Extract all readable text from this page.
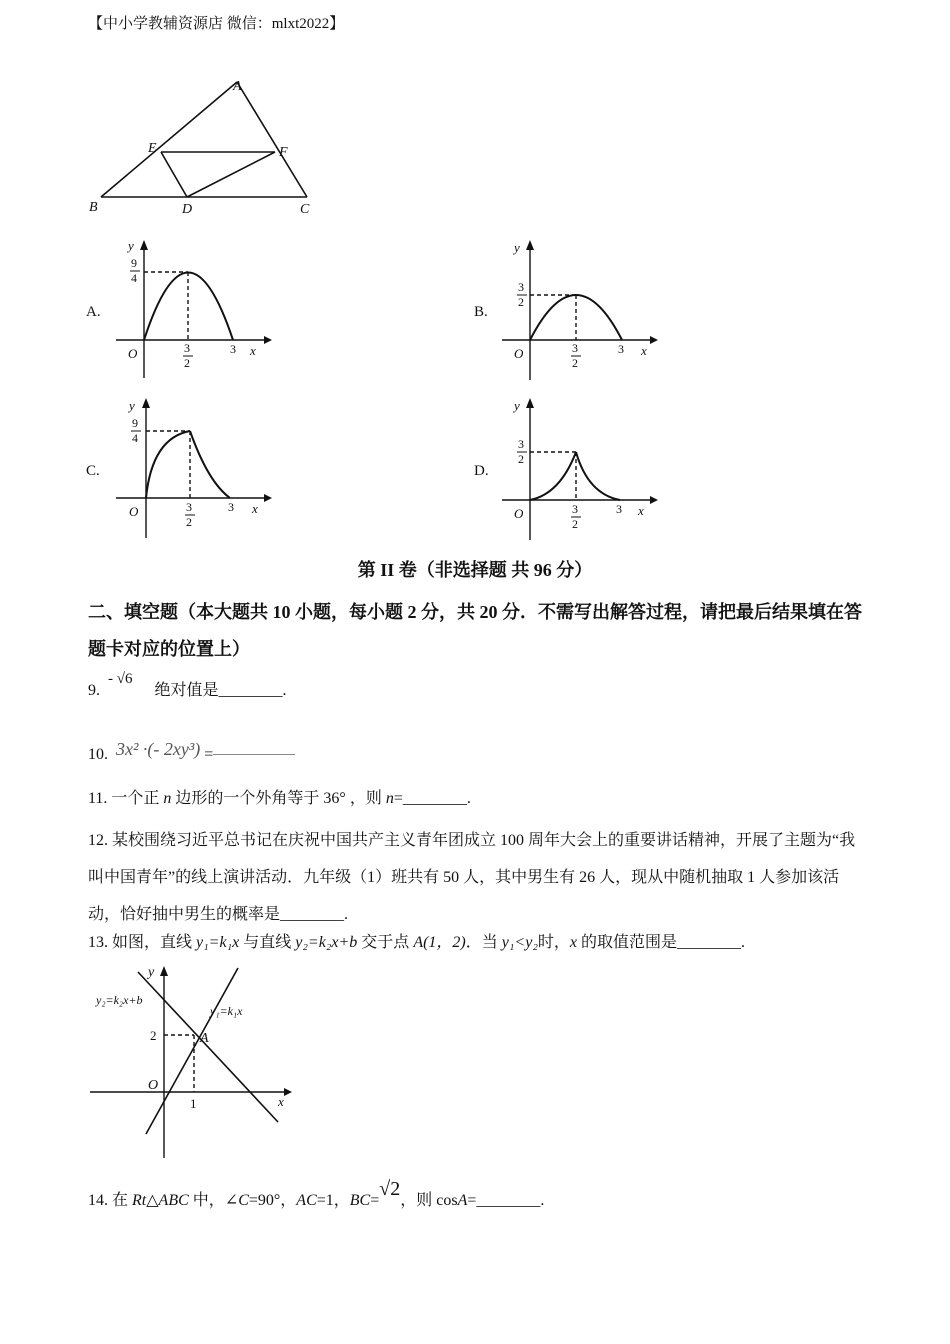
【中小学教辅资源店 微信：mlxt2022】
A
B	C
D
E	F
A.
y
9
4
O	3
2
3 x
B.
y
3
2
O	3
2
3 x
C.
y
9
4
O	3
2
3 x
D.
y
3
2
O	3
2
3 x
第 II 卷（非选择题 共 96 分）
二、填空题（本大题共 10 小题，每小题 2 分，共 20 分．不需写出解答过程，请把最后结果填在答题卡对应的位置上）
9. - √6 绝对值是________.
10. 3x² ·(- 2xy³) =
11. 一个正 n 边形的一个外角等于 36° ，则 n=________.
12. 某校围绕习近平总书记在庆祝中国共产主义青年团成立 100 周年大会上的重要讲话精神，开展了主题为“我叫中国青年”的线上演讲活动．九年级（1）班共有 50 人，其中男生有 26 人，现从中随机抽取 1 人参加该活动，恰好抽中男生的概率是________.
13. 如图，直线 y₁=k₁x 与直线 y₂=k₂x+b 交于点 A(1，2)．当 y₁<y₂时，x 的取值范围是________.
y
y₂=k₂x+b
y₁=k₁x
A
2
O
1	x
14. 在 Rt△ABC 中，∠C=90°，AC=1，BC=√2，则 cosA=________.
